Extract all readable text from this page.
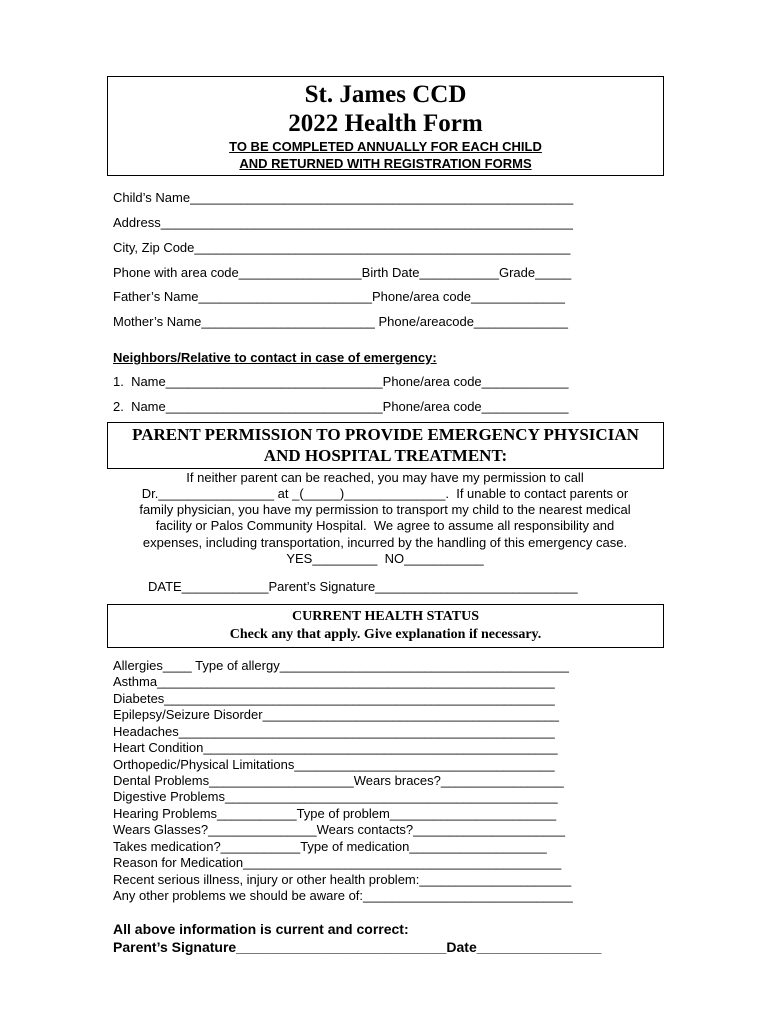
St. James CCD
2022 Health Form
TO BE COMPLETED ANNUALLY FOR EACH CHILD
AND RETURNED WITH REGISTRATION FORMS
Child’s Name_____________________________________________________
Address_________________________________________________________
City, Zip Code____________________________________________________
Phone with area code_________________Birth Date___________Grade_____
Father’s Name________________________Phone/area code_____________
Mother’s Name________________________ Phone/areacode_____________
Neighbors/Relative to contact in case of emergency:
1.  Name______________________________Phone/area code____________
2.  Name______________________________Phone/area code____________
PARENT PERMISSION TO PROVIDE EMERGENCY PHYSICIAN
AND HOSPITAL TREATMENT:
If neither parent can be reached, you may have my permission to call
Dr.________________ at _(_____)______________.  If unable to contact parents or
family physician, you have my permission to transport my child to the nearest medical
facility or Palos Community Hospital.  We agree to assume all responsibility and
expenses, including transportation, incurred by the handling of this emergency case.
YES_________  NO___________
DATE____________Parent’s Signature____________________________
CURRENT HEALTH STATUS
Check any that apply. Give explanation if necessary.
Allergies____ Type of allergy________________________________________
Asthma_______________________________________________________
Diabetes______________________________________________________
Epilepsy/Seizure Disorder_________________________________________
Headaches____________________________________________________
Heart Condition_________________________________________________
Orthopedic/Physical Limitations____________________________________
Dental Problems____________________Wears braces?_________________
Digestive Problems______________________________________________
Hearing Problems___________Type of problem_______________________
Wears Glasses?_______________Wears contacts?_____________________
Takes medication?___________Type of medication___________________
Reason for Medication____________________________________________
Recent serious illness, injury or other health problem:_____________________
Any other problems we should be aware of:_____________________________
All above information is current and correct:
Parent’s Signature___________________________Date________________
